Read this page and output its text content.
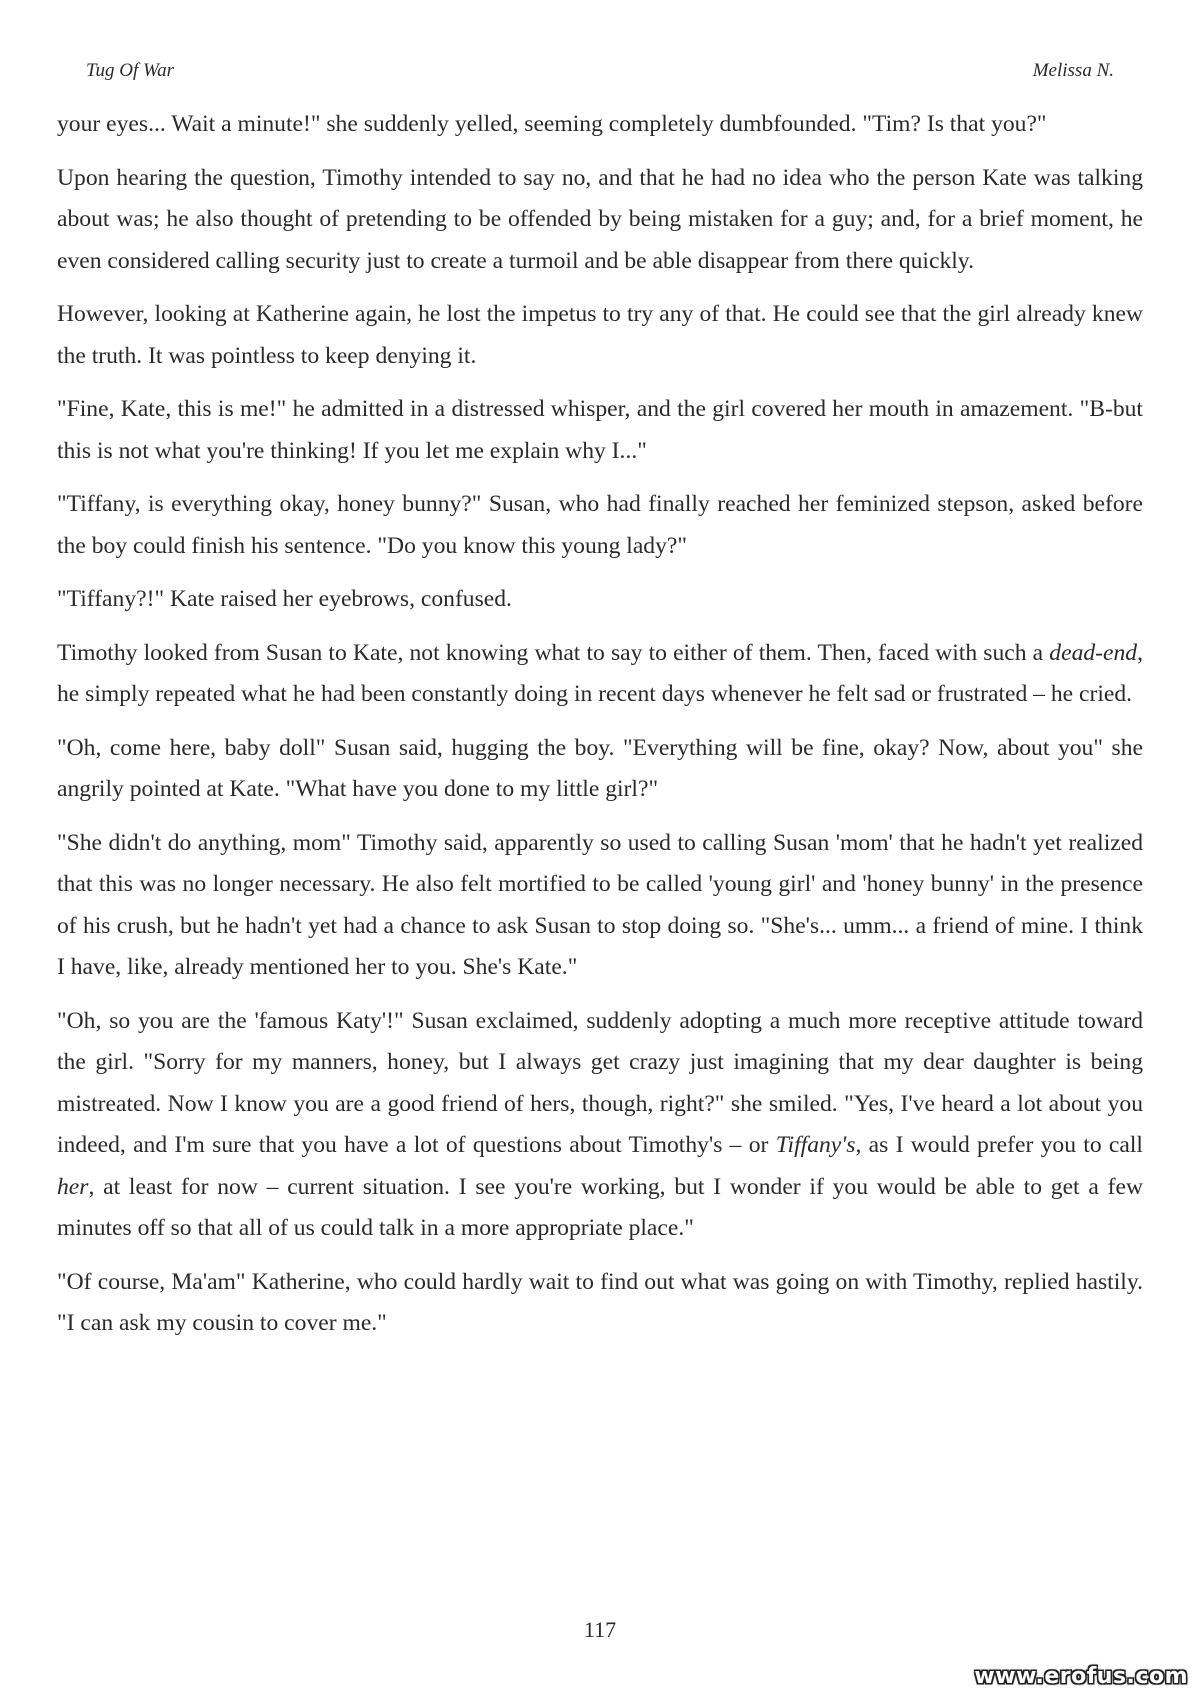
Tug Of War	Melissa N.

your eyes... Wait a minute!" she suddenly yelled, seeming completely dumbfounded. "Tim? Is that you?"

Upon hearing the question, Timothy intended to say no, and that he had no idea who the person Kate was talking about was; he also thought of pretending to be offended by being mistaken for a guy; and, for a brief moment, he even considered calling security just to create a turmoil and be able disappear from there quickly.

However, looking at Katherine again, he lost the impetus to try any of that. He could see that the girl already knew the truth. It was pointless to keep denying it.

"Fine, Kate, this is me!" he admitted in a distressed whisper, and the girl covered her mouth in amazement. "B-but this is not what you're thinking! If you let me explain why I..."

"Tiffany, is everything okay, honey bunny?" Susan, who had finally reached her feminized stepson, asked before the boy could finish his sentence. "Do you know this young lady?"

"Tiffany?!" Kate raised her eyebrows, confused.

Timothy looked from Susan to Kate, not knowing what to say to either of them. Then, faced with such a dead-end, he simply repeated what he had been constantly doing in recent days whenever he felt sad or frustrated – he cried.

"Oh, come here, baby doll" Susan said, hugging the boy. "Everything will be fine, okay? Now, about you" she angrily pointed at Kate. "What have you done to my little girl?"

"She didn't do anything, mom" Timothy said, apparently so used to calling Susan 'mom' that he hadn't yet realized that this was no longer necessary. He also felt mortified to be called 'young girl' and 'honey bunny' in the presence of his crush, but he hadn't yet had a chance to ask Susan to stop doing so. "She's... umm... a friend of mine. I think I have, like, already mentioned her to you. She's Kate."

"Oh, so you are the 'famous Katy'!" Susan exclaimed, suddenly adopting a much more receptive attitude toward the girl. "Sorry for my manners, honey, but I always get crazy just imagining that my dear daughter is being mistreated. Now I know you are a good friend of hers, though, right?" she smiled. "Yes, I've heard a lot about you indeed, and I'm sure that you have a lot of questions about Timothy's – or Tiffany's, as I would prefer you to call her, at least for now – current situation. I see you're working, but I wonder if you would be able to get a few minutes off so that all of us could talk in a more appropriate place."

"Of course, Ma'am" Katherine, who could hardly wait to find out what was going on with Timothy, replied hastily. "I can ask my cousin to cover me."

117
www.erofus.com
